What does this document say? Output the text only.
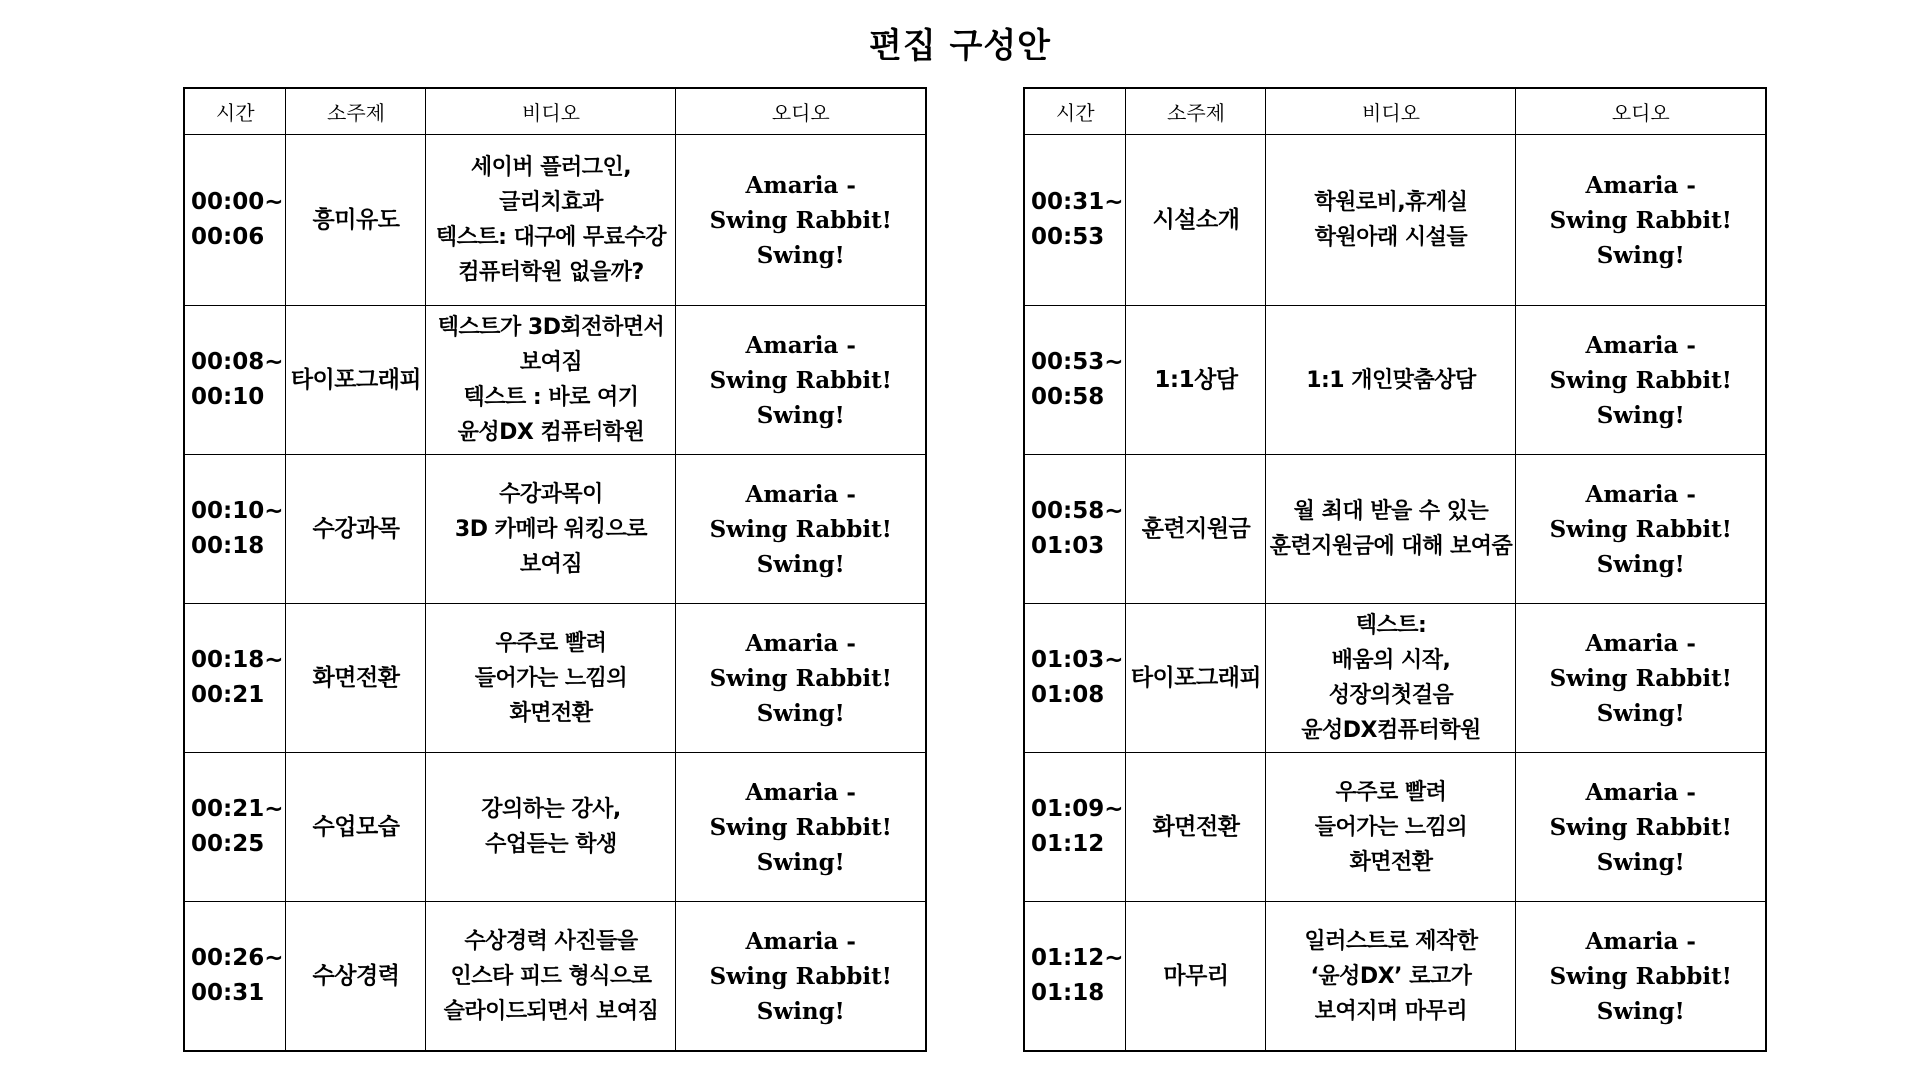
편집 구성안
시간	소주제	비디오	오디오
00:00~
00:06	흥미유도	세이버 플러그인,
글리치효과
텍스트: 대구에 무료수강
컴퓨터학원 없을까?	Amaria -
Swing Rabbit!
Swing!
00:08~
00:10	타이포그래피	텍스트가 3D회전하면서
보여짐
텍스트 : 바로 여기
윤성DX 컴퓨터학원	Amaria -
Swing Rabbit!
Swing!
00:10~
00:18	수강과목	수강과목이
3D 카메라 워킹으로
보여짐	Amaria -
Swing Rabbit!
Swing!
00:18~
00:21	화면전환	우주로 빨려
들어가는 느낌의
화면전환	Amaria -
Swing Rabbit!
Swing!
00:21~
00:25	수업모습	강의하는 강사,
수업듣는 학생	Amaria -
Swing Rabbit!
Swing!
00:26~
00:31	수상경력	수상경력 사진들을
인스타 피드 형식으로
슬라이드되면서 보여짐	Amaria -
Swing Rabbit!
Swing!
시간	소주제	비디오	오디오
00:31~
00:53	시설소개	학원로비,휴게실
학원아래 시설들	Amaria -
Swing Rabbit!
Swing!
00:53~
00:58	1:1상담	1:1 개인맞춤상담	Amaria -
Swing Rabbit!
Swing!
00:58~
01:03	훈련지원금	월 최대 받을 수 있는
훈련지원금에 대해 보여줌	Amaria -
Swing Rabbit!
Swing!
01:03~
01:08	타이포그래피	텍스트:
배움의 시작,
성장의첫걸음
윤성DX컴퓨터학원	Amaria -
Swing Rabbit!
Swing!
01:09~
01:12	화면전환	우주로 빨려
들어가는 느낌의
화면전환	Amaria -
Swing Rabbit!
Swing!
01:12~
01:18	마무리	일러스트로 제작한
‘윤성DX’ 로고가
보여지며 마무리	Amaria -
Swing Rabbit!
Swing!
